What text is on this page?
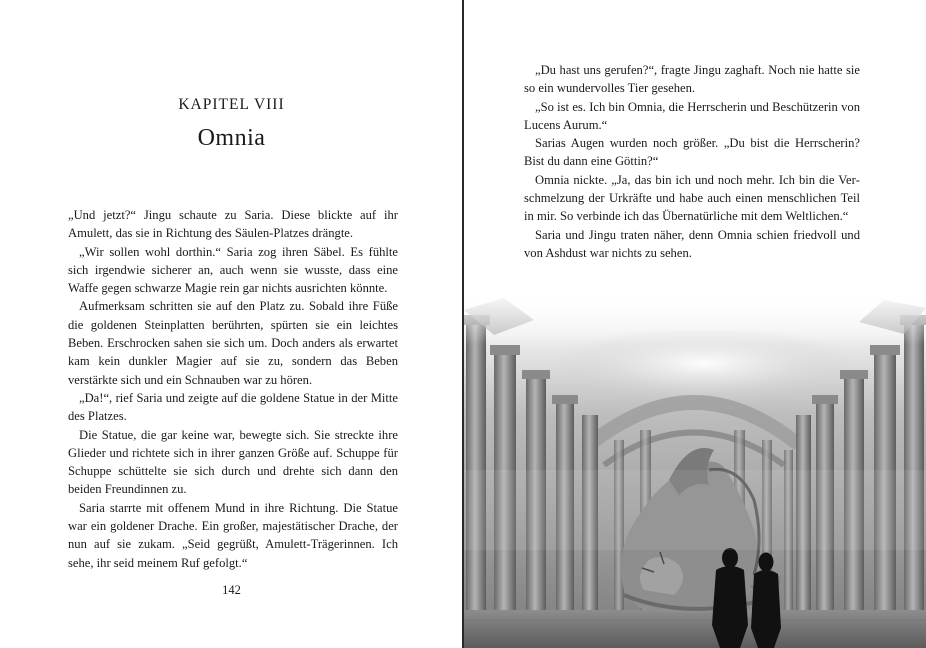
KAPITEL VIII
Omnia

„Und jetzt?“ Jingu schaute zu Saria. Diese blickte auf ihr Amulett, das sie in Richtung des Säulen-Platzes drängte.

„Wir sollen wohl dorthin.“ Saria zog ihren Säbel. Es fühlte sich irgendwie sicherer an, auch wenn sie wusste, dass eine Waffe gegen schwarze Magie rein gar nichts ausrichten könnte.

Aufmerksam schritten sie auf den Platz zu. Sobald ihre Füße die goldenen Steinplatten berührten, spürten sie ein leichtes Beben. Erschrocken sahen sie sich um. Doch anders als erwartet kam kein dunkler Magier auf sie zu, sondern das Beben verstärkte sich und ein Schnauben war zu hören.

„Da!“, rief Saria und zeigte auf die goldene Statue in der Mitte des Platzes.

Die Statue, die gar keine war, bewegte sich. Sie streckte ihre Glieder und richtete sich in ihrer ganzen Größe auf. Schuppe für Schuppe schüttelte sie sich durch und drehte sich dann den beiden Freundinnen zu.

Saria starrte mit offenem Mund in ihre Richtung. Die Statue war ein goldener Drache. Ein großer, majestätischer Drache, der nun auf sie zukam. „Seid gegrüßt, Amulett-Trägerinnen. Ich sehe, ihr seid meinem Ruf gefolgt.“

142

„Du hast uns gerufen?“, fragte Jingu zaghaft. Noch nie hatte sie so ein wundervolles Tier gesehen.

„So ist es. Ich bin Omnia, die Herrscherin und Beschützerin von Lucens Aurum.“

Sarias Augen wurden noch größer. „Du bist die Herrscherin? Bist du dann eine Göttin?“

Omnia nickte. „Ja, das bin ich und noch mehr. Ich bin die Verschmelzung der Urkräfte und habe auch einen menschlichen Teil in mir. So verbinde ich das Übernatürliche mit dem Weltlichen.“

Saria und Jingu traten näher, denn Omnia schien friedvoll und von Ashdust war nichts zu sehen.
